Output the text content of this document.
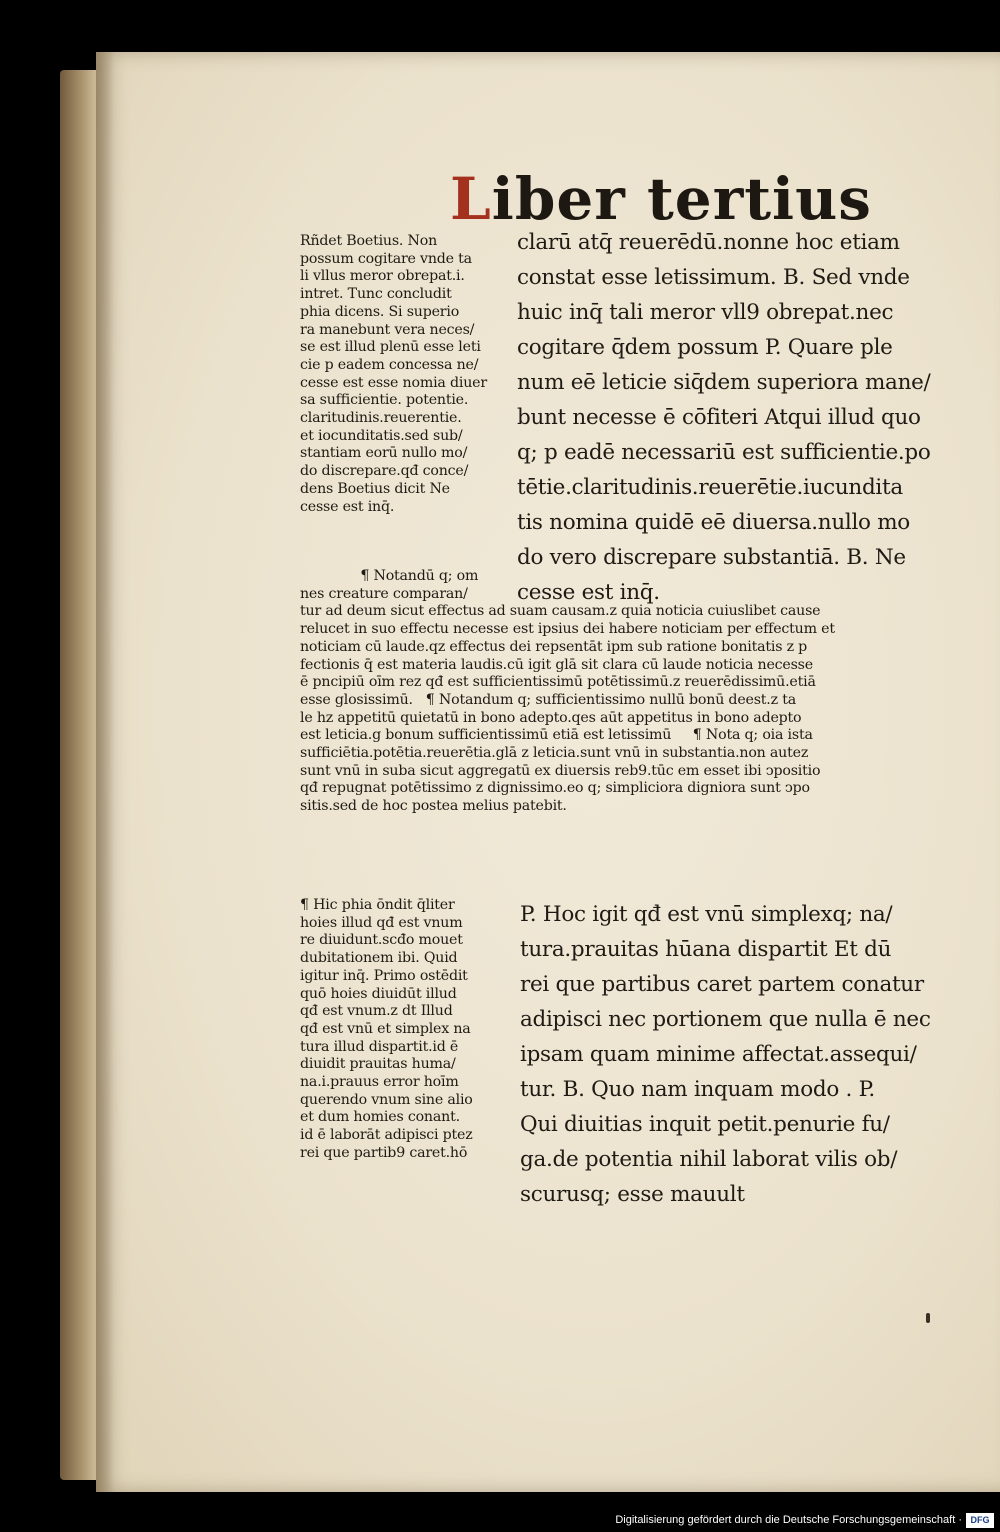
Liber tertius
Rñdet Boetius. Non
possum cogitare vnde ta
li vllus meror obrepat.i.
intret. Tunc concludit
phia dicens. Si superio
ra manebunt vera neces/
se est illud plenū esse leti
cie p eadem concessa ne/
cesse est esse nomia diuer
sa sufficientie. potentie.
claritudinis.reuerentie.
et iocunditatis.sed sub/
stantiam eorū nullo mo/
do discrepare.qđ conce/
dens Boetius dicit Ne
cesse est inq̄.
clarū atq̄ reuerēdū.nonne hoc etiam
constat esse letissimum. B. Sed vnde
huic inq̄ tali meror vll9 obrepat.nec
cogitare q̄dem possum P. Quare ple
num eē leticie siq̄dem superiora mane/
bunt necesse ē cōfiteri Atqui illud quo
q; p eadē necessariū est sufficientie.po
tētie.claritudinis.reuerētie.iucundita
tis nomina quidē eē diuersa.nullo mo
do vero discrepare substantiā. B. Ne
cesse est inq̄.
¶ Notandū q; om
nes creature comparan/
tur ad deum sicut effectus ad suam causam.z quia noticia cuiuslibet cause
relucet in suo effectu necesse est ipsius dei habere noticiam per effectum et
noticiam cū laude.qz effectus dei repsentāt ipm sub ratione bonitatis z p
fectionis q̄ est materia laudis.cū igit glā sit clara cū laude noticia necesse
ē pncipiū oīm rez qđ est sufficientissimū potētissimū.z reuerēdissimū.etiā
esse glosissimū.   ¶ Notandum q; sufficientissimo nullū bonū deest.z ta
le hz appetitū quietatū in bono adepto.qes aūt appetitus in bono adepto
est leticia.g bonum sufficientissimū etiā est letissimū     ¶ Nota q; oia ista
sufficiētia.potētia.reuerētia.glā z leticia.sunt vnū in substantia.non autez
sunt vnū in suba sicut aggregatū ex diuersis reb9.tūc em esset ibi ↄpositio
qđ repugnat potētissimo z dignissimo.eo q; simpliciora digniora sunt ↄpo
sitis.sed de hoc postea melius patebit.
¶ Hic phia ōndit q̄liter
hoies illud qđ est vnum
re diuidunt.scđo mouet
dubitationem ibi. Quid
igitur inq̄. Primo ostēdit
quō hoies diuidūt illud
qđ est vnum.z dt Illud
qđ est vnū et simplex na
tura illud dispartit.id ē
diuidit prauitas huma/
na.i.prauus error hoīm
querendo vnum sine alio
et dum homies conant.
id ē laborāt adipisci ptez
rei que partib9 caret.hō
P. Hoc igit qđ est vnū simplexq; na/
tura.prauitas hūana dispartit Et dū
rei que partibus caret partem conatur
adipisci nec portionem que nulla ē nec
ipsam quam minime affectat.assequi/
tur. B. Quo nam inquam modo . P.
Qui diuitias inquit petit.penurie fu/
ga.de potentia nihil laborat vilis ob/
scurusq; esse mauult
Digitalisierung gefördert durch die Deutsche Forschungsgemeinschaft · DFG
